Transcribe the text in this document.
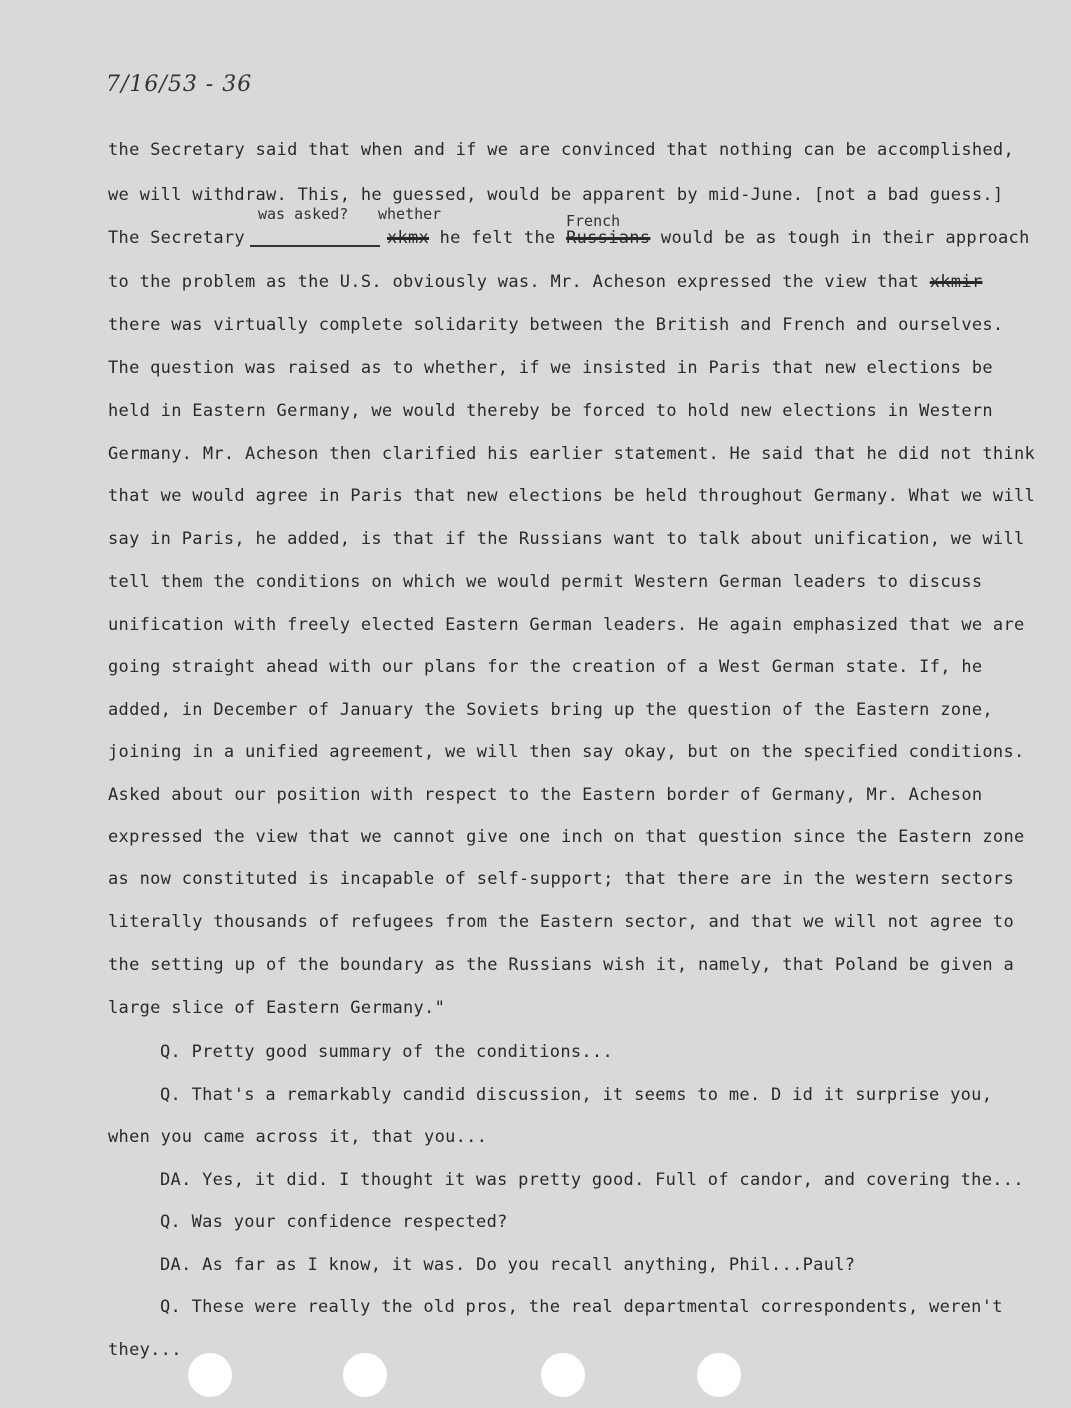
7/16/53 - 36
the Secretary said that when and if we are convinced that nothing can be accomplished,
we will withdraw. This, he guessed, would be apparent by mid-June. [not a bad guess.]
was asked? whether	French
The Secretary	xkmx he felt the Russians would be as tough in their approach
to the problem as the U.S. obviously was. Mr. Acheson expressed the view that xkmir
there was virtually complete solidarity between the British and French and ourselves.
The question was raised as to whether, if we insisted in Paris that new elections be
held in Eastern Germany, we would thereby be forced to hold new elections in Western
Germany. Mr. Acheson then clarified his earlier statement. He said that he did not think
that we would agree in Paris that new elections be held throughout Germany. What we will
say in Paris, he added, is that if the Russians want to talk about unification, we will
tell them the conditions on which we would permit Western German leaders to discuss
unification with freely elected Eastern German leaders. He again emphasized that we are
going straight ahead with our plans for the creation of a West German state. If, he
added, in December of January the Soviets bring up the question of the Eastern zone,
joining in a unified agreement, we will then say okay, but on the specified conditions.
Asked about our position with respect to the Eastern border of Germany, Mr. Acheson
expressed the view that we cannot give one inch on that question since the Eastern zone
as now constituted is incapable of self-support; that there are in the western sectors
literally thousands of refugees from the Eastern sector, and that we will not agree to
the setting up of the boundary as the Russians wish it, namely, that Poland be given a
large slice of Eastern Germany."
Q. Pretty good summary of the conditions...
Q. That's a remarkably candid discussion, it seems to me. D id it surprise you,
when you came across it, that you...
DA. Yes, it did. I thought it was pretty good. Full of candor, and covering the...
Q. Was your confidence respected?
DA. As far as I know, it was. Do you recall anything, Phil...Paul?
Q. These were really the old pros, the real departmental correspondents, weren't
they...
